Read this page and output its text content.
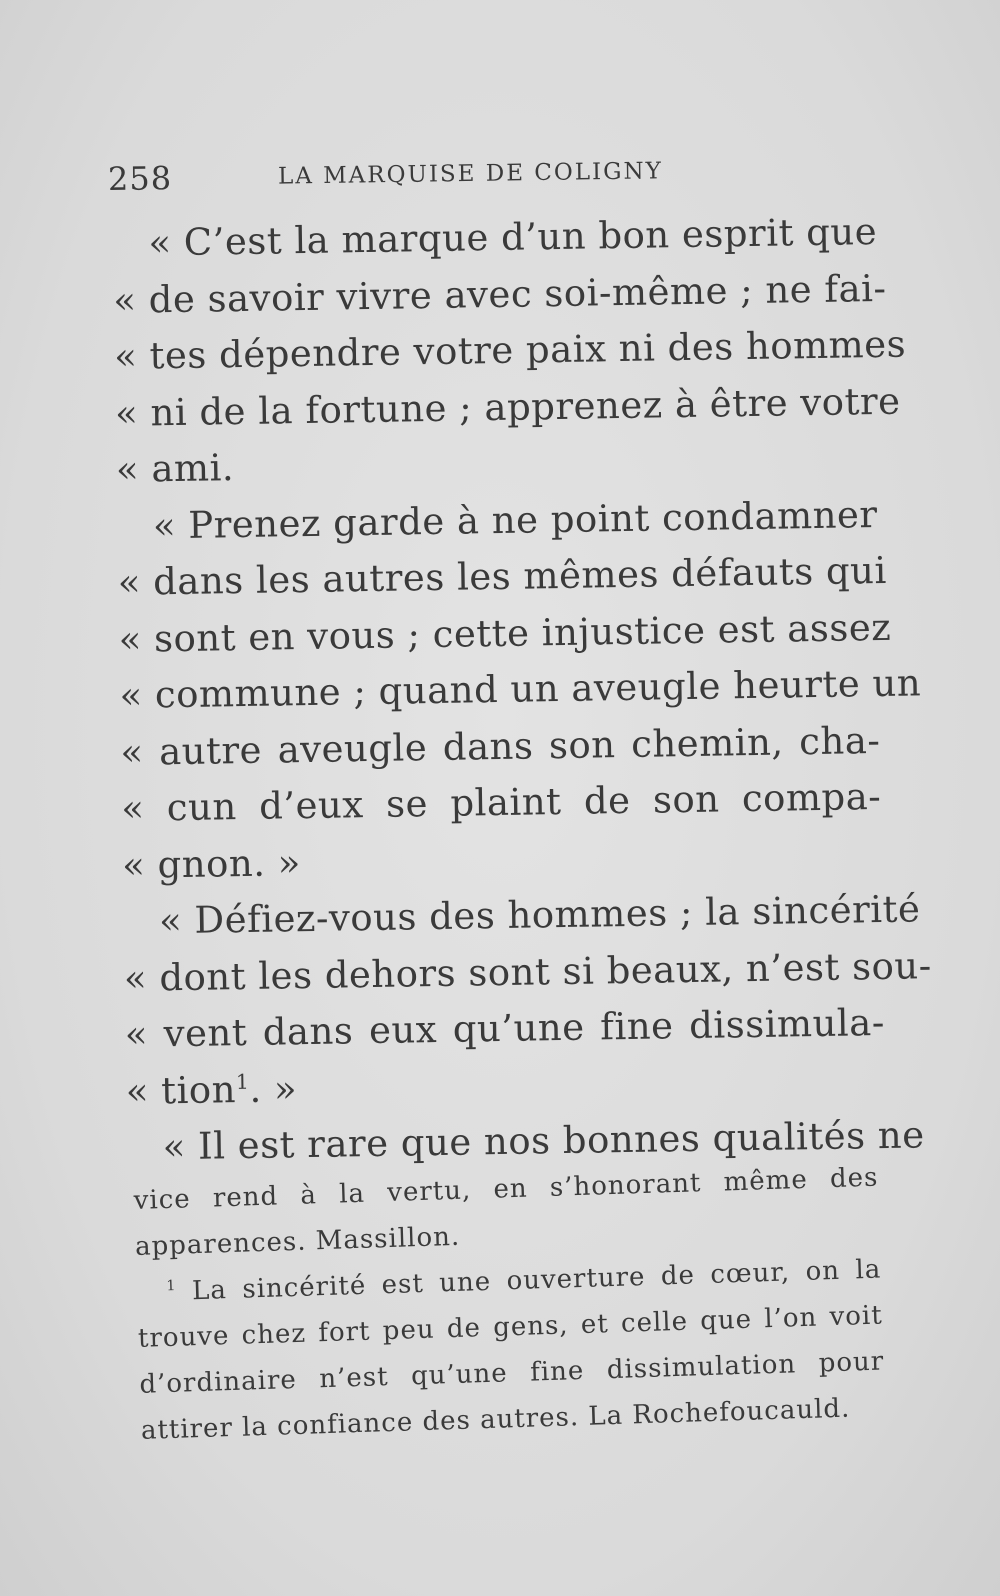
258	LA MARQUISE DE COLIGNY
« C’est la marque d’un bon esprit que
« de savoir vivre avec soi-même ; ne fai-
« tes dépendre votre paix ni des hommes
« ni de la fortune ; apprenez à être votre
« ami.
« Prenez garde à ne point condamner
« dans les autres les mêmes défauts qui
« sont en vous ; cette injustice est assez
« commune ; quand un aveugle heurte un
« autre aveugle dans son chemin, cha-
« cun d’eux se plaint de son compa-
« gnon. »
« Défiez-vous des hommes ; la sincérité
« dont les dehors sont si beaux, n’est sou-
« vent dans eux qu’une fine dissimula-
« tion$^1$. »
« Il est rare que nos bonnes qualités ne
vice rend à la vertu, en s’honorant même des
apparences. Massillon.
$^1$ La sincérité est une ouverture de cœur, on la
trouve chez fort peu de gens, et celle que l’on voit
d’ordinaire n’est qu’une fine dissimulation pour
attirer la confiance des autres. La Rochefoucauld.
